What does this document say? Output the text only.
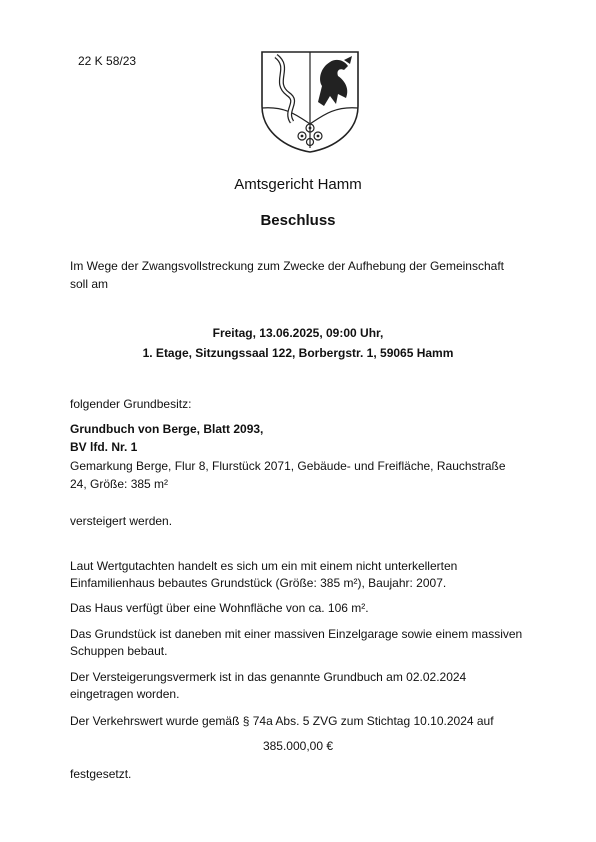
22 K 58/23
Amtsgericht Hamm
Beschluss
Im Wege der Zwangsvollstreckung zum Zwecke der Aufhebung der Gemeinschaft
soll am
Freitag, 13.06.2025, 09:00 Uhr,
1. Etage, Sitzungssaal 122, Borbergstr. 1, 59065 Hamm
folgender Grundbesitz:
Grundbuch von Berge, Blatt 2093,
BV lfd. Nr. 1
Gemarkung Berge, Flur 8, Flurstück 2071, Gebäude- und Freifläche, Rauchstraße
24, Größe: 385 m²
versteigert werden.
Laut Wertgutachten handelt es sich um ein mit einem nicht unterkellerten
Einfamilienhaus bebautes Grundstück (Größe: 385 m²), Baujahr: 2007.
Das Haus verfügt über eine Wohnfläche von ca. 106 m².
Das Grundstück ist daneben mit einer massiven Einzelgarage sowie einem massiven
Schuppen bebaut.
Der Versteigerungsvermerk ist in das genannte Grundbuch am 02.02.2024
eingetragen worden.
Der Verkehrswert wurde gemäß § 74a Abs. 5 ZVG zum Stichtag 10.10.2024 auf
385.000,00 €
festgesetzt.
